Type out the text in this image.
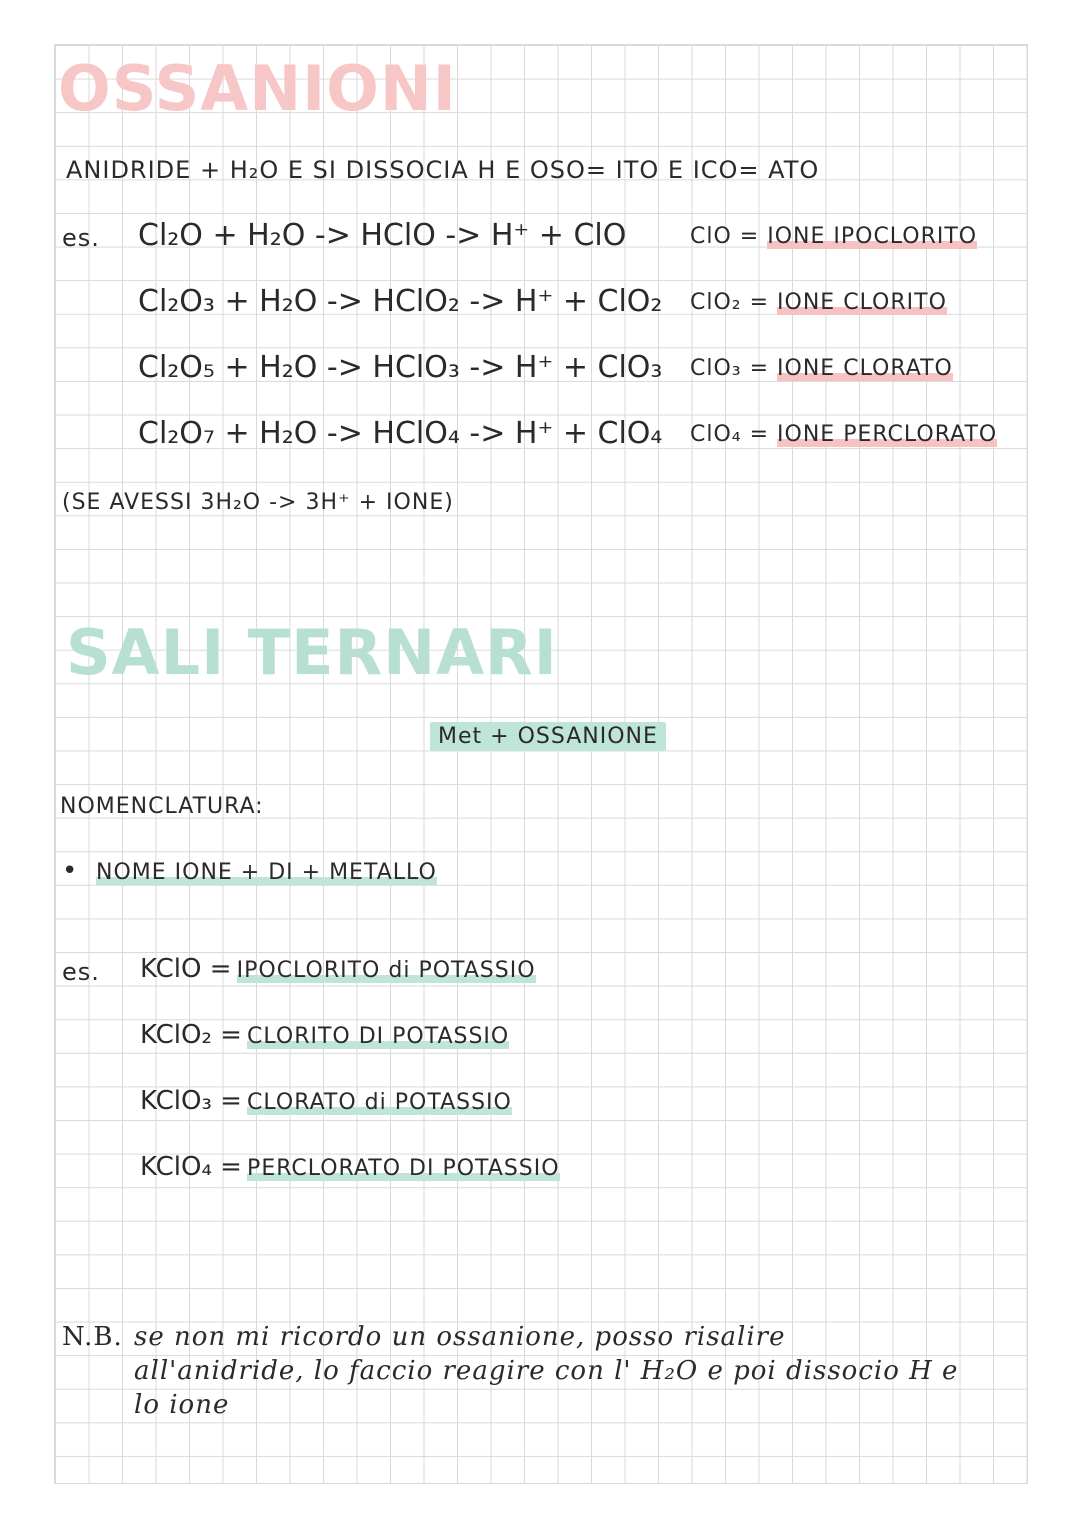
OSSANIONI
ANIDRIDE + H₂O E SI DISSOCIA H E OSO= ITO E ICO= ATO
es. Cl₂O + H₂O -> HClO -> H⁺ + ClO
Cl₂O₃ + H₂O -> HClO₂ -> H⁺ + ClO₂
Cl₂O₅ + H₂O -> HClO₃ -> H⁺ + ClO₃
Cl₂O₇ + H₂O -> HClO₄ -> H⁺ + ClO₄
ClO = IONE IPOCLORITO
ClO₂ = IONE CLORITO
ClO₃ = IONE CLORATO
ClO₄ = IONE PERCLORATO
(SE AVESSI 3H₂O -> 3H⁺ + IONE)
SALI TERNARI
Met + OSSANIONE
NOMENCLATURA:
• NOME IONE + DI + METALLO
es. KClO = IPOCLORITO di POTASSIO
KClO₂ = CLORITO DI POTASSIO
KClO₃ = CLORATO di POTASSIO
KClO₄ = PERCLORATO DI POTASSIO
N.B. se non mi ricordo un ossanione, posso risalire
all'anidride, lo faccio reagire con l' H₂O e poi dissocio H e
lo ione
